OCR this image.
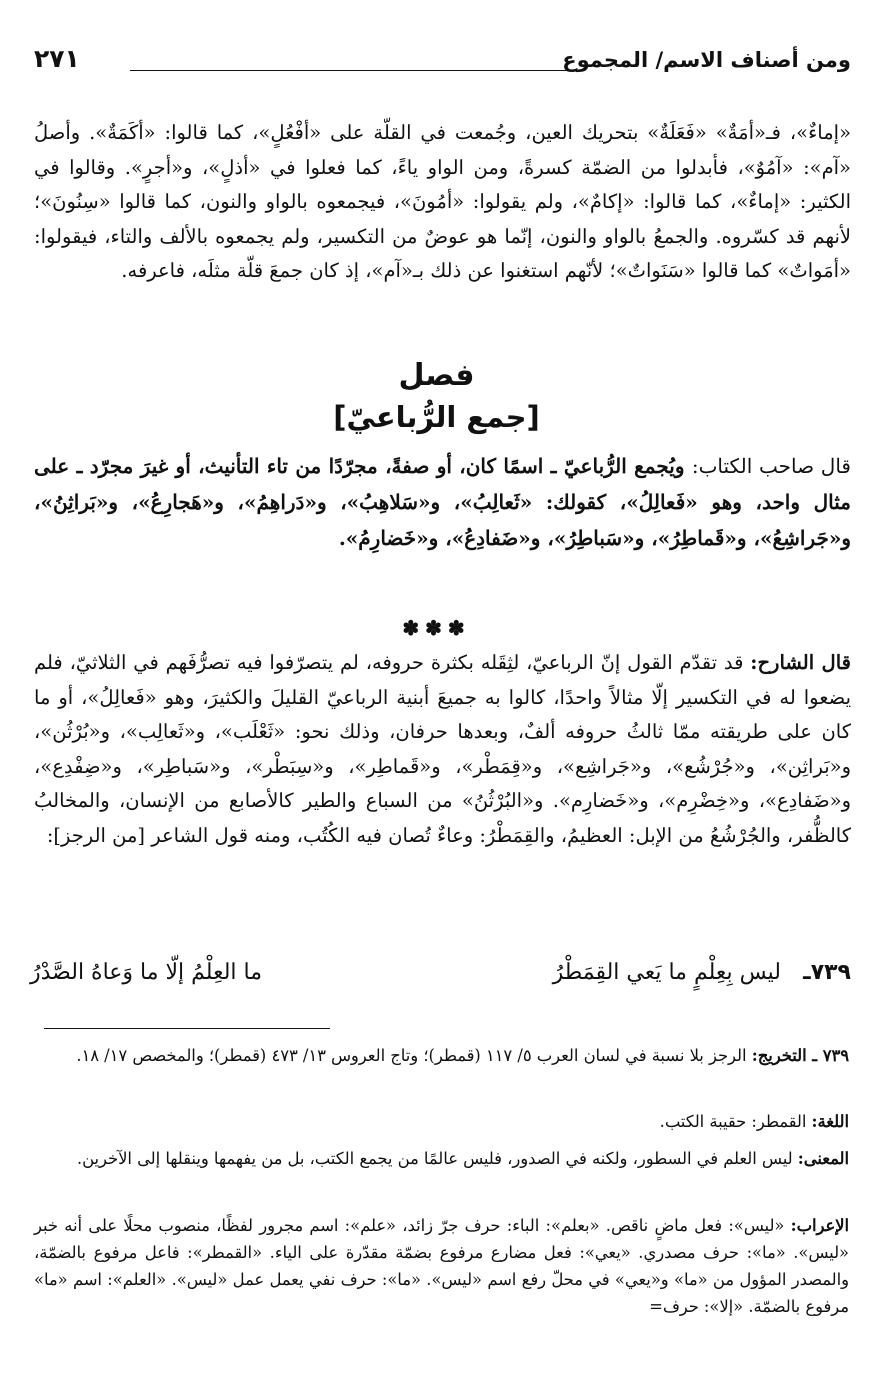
ومن أصناف الاسم/ المجموع
٢٧١

«إماءٌ»، فـ«أمَةٌ» «فَعَلَةٌ» بتحريك العين، وجُمعت في القلّة على «أفْعُلٍ»، كما قالوا: «أكَمَةٌ». وأصلُ «آم»: «آمُوٌ»، فأبدلوا من الضمّة كسرةً، ومن الواو ياءً، كما فعلوا في «أذلٍ»، و«أجرٍ». وقالوا في الكثير: «إماءٌ»، كما قالوا: «إكامٌ»، ولم يقولوا: «أمُونَ»، فيجمعوه بالواو والنون، كما قالوا «سِنُونَ»؛ لأنهم قد كسّروه. والجمعُ بالواو والنون، إنّما هو عوضٌ من التكسير، ولم يجمعوه بالألف والتاء، فيقولوا: «أمَواتٌ» كما قالوا «سَنَواتٌ»؛ لأنّهم استغنوا عن ذلك بـ«آم»، إذ كان جمعَ قلّة مثلَه، فاعرفه.

فصل
[جمع الرُّباعيّ]

قال صاحب الكتاب: ويُجمع الرُّباعيّ ـ اسمًا كان، أو صفةً، مجرّدًا من تاء التأنيث، أو غيرَ مجرّد ـ على مثال واحد، وهو «فَعالِلُ»، كقولك: «ثَعالِبُ»، و«سَلاهِبُ»، و«دَراهِمُ»، و«هَجارِعُ»، و«بَراثِنُ»، و«جَراشِعُ»، و«قَماطِرُ»، و«سَباطِرُ»، و«ضَفادِعُ»، و«خَضارِمُ».

✽✽✽

قال الشارح: قد تقدّم القول إنّ الرباعيّ، لثِقَله بكثرة حروفه، لم يتصرّفوا فيه تصرُّفَهم في الثلاثيّ، فلم يضعوا له في التكسير إلّا مثالاً واحدًا، كالوا به جميعَ أبنية الرباعيّ القليلَ والكثيرَ، وهو «فَعالِلُ»، أو ما كان على طريقته ممّا ثالثُ حروفه ألفٌ، وبعدها حرفان، وذلك نحو: «ثَعْلَب»، و«ثَعالِب»، و«بُرْثُن»، و«بَراثِن»، و«جُرْشُع»، و«جَراشِع»، و«قِمَطْر»، و«قَماطِر»، و«سِبَطْر»، و«سَباطِر»، و«ضِفْدِع»، و«ضَفادِع»، و«خِضْرِم»، و«خَضارِم». و«البُرْثُنُ» من السباع والطير كالأصابع من الإنسان، والمخالبُ كالظُّفر، والجُرْشُعُ من الإبل: العظيمُ، والقِمَطْرُ: وعاءٌ تُصان فيه الكُتُب، ومنه قول الشاعر [من الرجز]:

٧٣٩ـ
ليس بِعِلْمٍ ما يَعي القِمَطْرُ
ما العِلْمُ إلّا ما وَعاهُ الصَّدْرُ

٧٣٩ ـ التخريج: الرجز بلا نسبة في لسان العرب ٥/ ١١٧ (قمطر)؛ وتاج العروس ١٣/ ٤٧٣ (قمطر)؛ والمخصص ١٧/ ١٨.

اللغة: القمطر: حقيبة الكتب.

المعنى: ليس العلم في السطور، ولكنه في الصدور، فليس عالمًا من يجمع الكتب، بل من يفهمها وينقلها إلى الآخرين.

الإعراب: «ليس»: فعل ماضٍ ناقص. «بعلم»: الباء: حرف جرّ زائد، «علم»: اسم مجرور لفظًا، منصوب محلًا على أنه خبر «ليس». «ما»: حرف مصدري. «يعي»: فعل مضارع مرفوع بضمّة مقدّرة على الياء. «القمطر»: فاعل مرفوع بالضمّة، والمصدر المؤول من «ما» و«يعي» في محلّ رفع اسم «ليس». «ما»: حرف نفي يعمل عمل «ليس». «العلم»: اسم «ما» مرفوع بالضمّة. «إلا»: حرف=
